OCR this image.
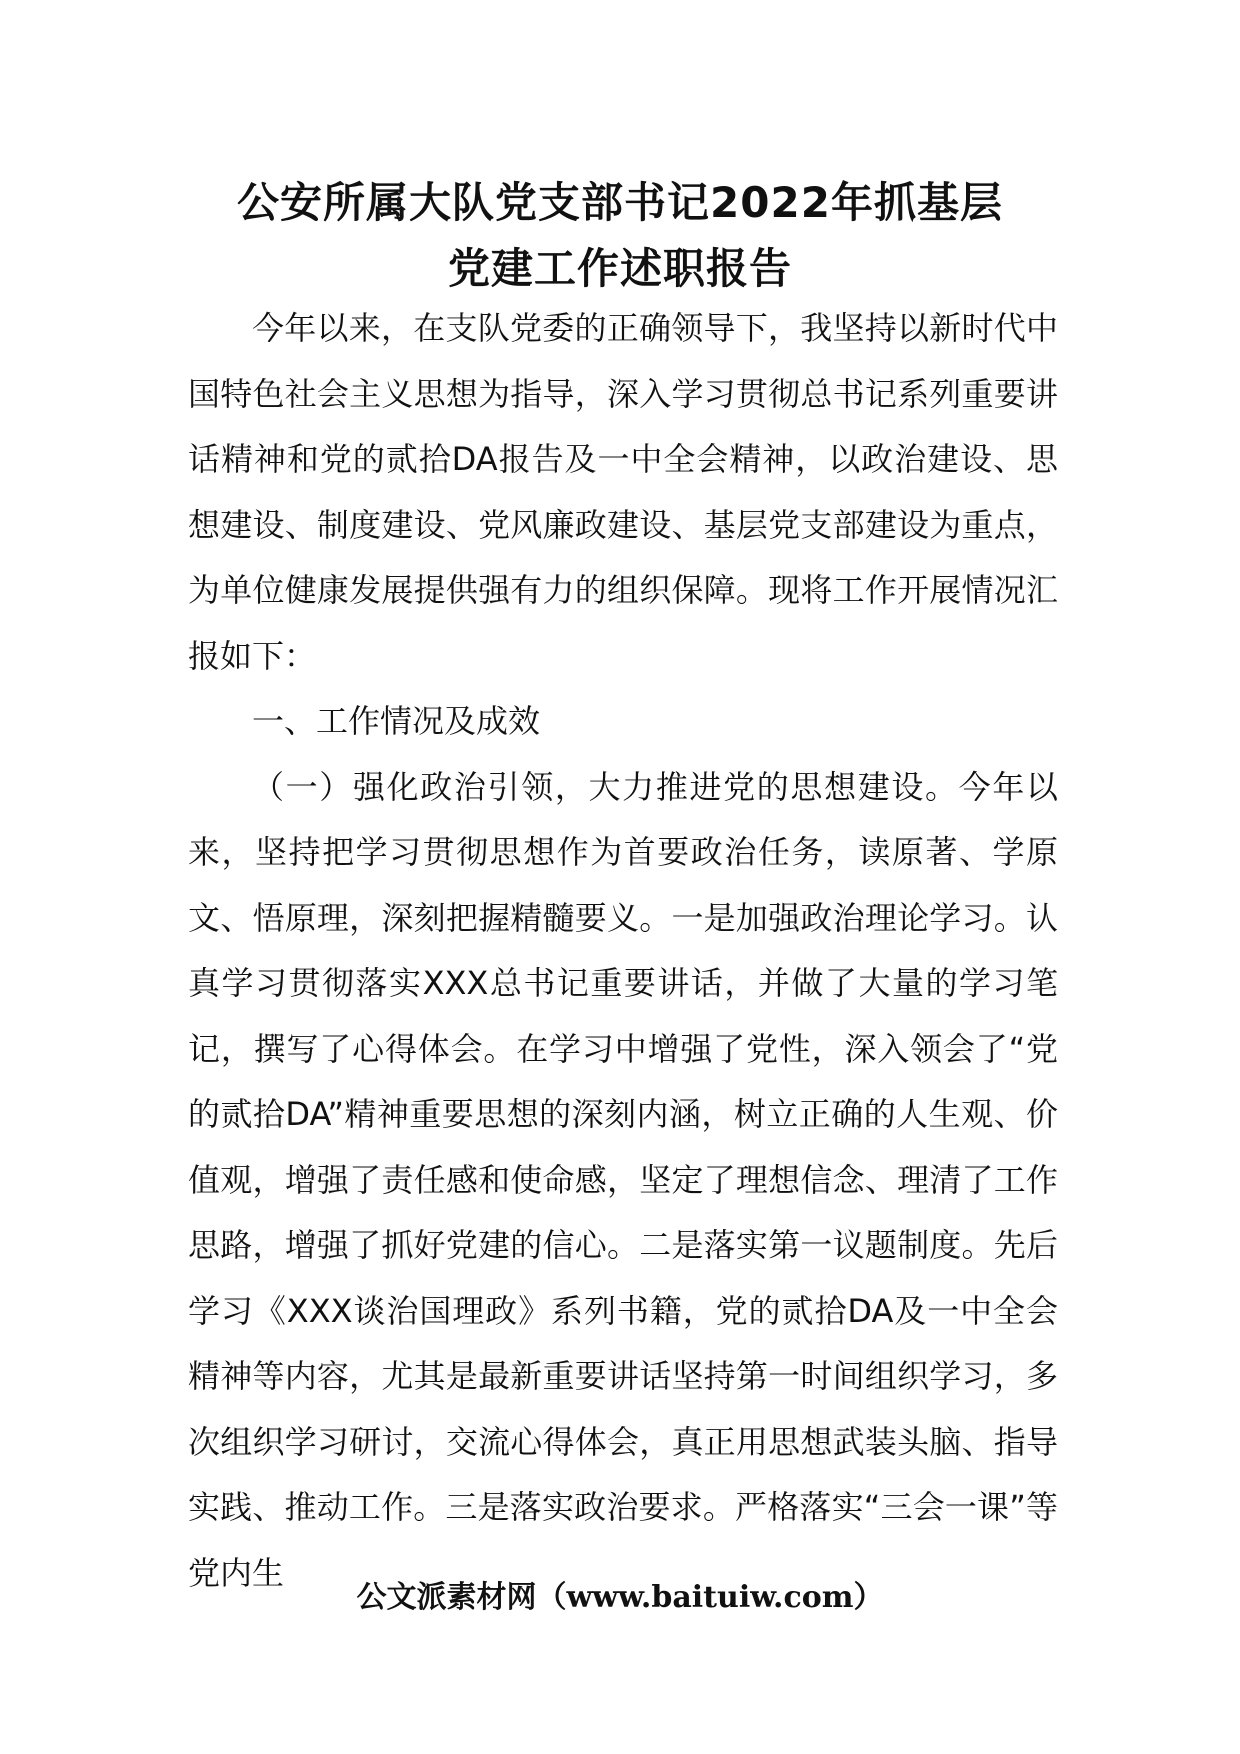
公安所属大队党支部书记2022年抓基层
党建工作述职报告

今年以来，在支队党委的正确领导下，我坚持以新时代中国特色社会主义思想为指导，深入学习贯彻总书记系列重要讲话精神和党的贰拾DA报告及一中全会精神，以政治建设、思想建设、制度建设、党风廉政建设、基层党支部建设为重点，为单位健康发展提供强有力的组织保障。现将工作开展情况汇报如下：

一、工作情况及成效

（一）强化政治引领，大力推进党的思想建设。今年以来，坚持把学习贯彻思想作为首要政治任务，读原著、学原文、悟原理，深刻把握精髓要义。一是加强政治理论学习。认真学习贯彻落实XXX总书记重要讲话，并做了大量的学习笔记，撰写了心得体会。在学习中增强了党性，深入领会了“党的贰拾DA”精神重要思想的深刻内涵，树立正确的人生观、价值观，增强了责任感和使命感，坚定了理想信念、理清了工作思路，增强了抓好党建的信心。二是落实第一议题制度。先后学习《XXX谈治国理政》系列书籍，党的贰拾DA及一中全会精神等内容，尤其是最新重要讲话坚持第一时间组织学习，多次组织学习研讨，交流心得体会，真正用思想武装头脑、指导实践、推动工作。三是落实政治要求。严格落实“三会一课”等党内生

公文派素材网（www.baituiw.com）
